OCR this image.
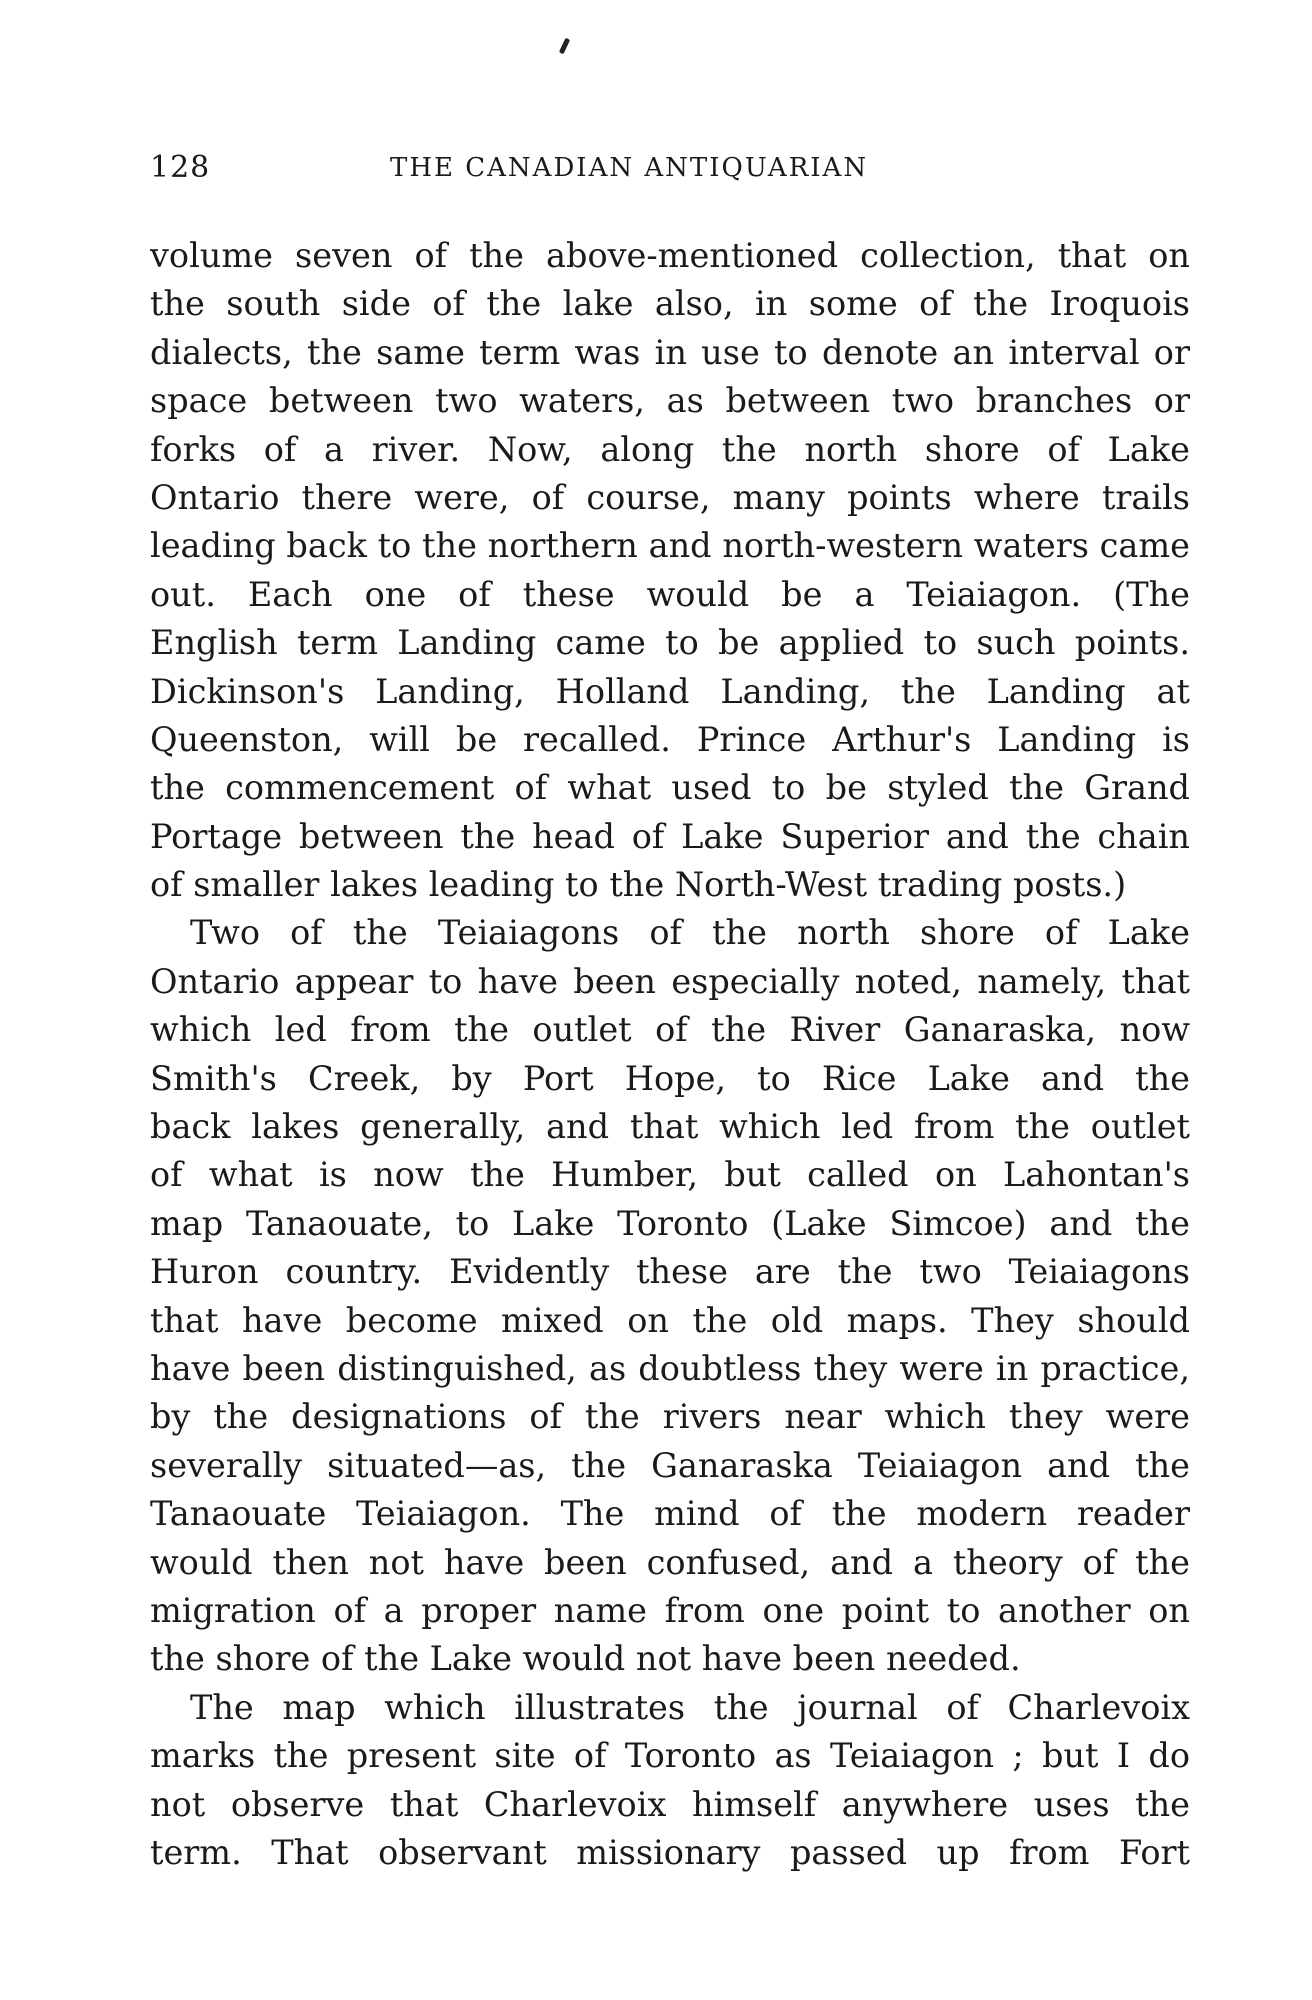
128	THE CANADIAN ANTIQUARIAN
volume seven of the above-mentioned collection, that on
the south side of the lake also, in some of the Iroquois
dialects, the same term was in use to denote an interval or
space between two waters, as between two branches or
forks of a river. Now, along the north shore of Lake
Ontario there were, of course, many points where trails
leading back to the northern and north-western waters came
out. Each one of these would be a Teiaiagon. (The
English term Landing came to be applied to such points.
Dickinson's Landing, Holland Landing, the Landing at
Queenston, will be recalled. Prince Arthur's Landing is
the commencement of what used to be styled the Grand
Portage between the head of Lake Superior and the chain
of smaller lakes leading to the North-West trading posts.)
Two of the Teiaiagons of the north shore of Lake
Ontario appear to have been especially noted, namely, that
which led from the outlet of the River Ganaraska, now
Smith's Creek, by Port Hope, to Rice Lake and the
back lakes generally, and that which led from the outlet
of what is now the Humber, but called on Lahontan's
map Tanaouate, to Lake Toronto (Lake Simcoe) and the
Huron country. Evidently these are the two Teiaiagons
that have become mixed on the old maps. They should
have been distinguished, as doubtless they were in practice,
by the designations of the rivers near which they were
severally situated—as, the Ganaraska Teiaiagon and the
Tanaouate Teiaiagon. The mind of the modern reader
would then not have been confused, and a theory of the
migration of a proper name from one point to another on
the shore of the Lake would not have been needed.
The map which illustrates the journal of Charlevoix
marks the present site of Toronto as Teiaiagon ; but I do
not observe that Charlevoix himself anywhere uses the
term. That observant missionary passed up from Fort
